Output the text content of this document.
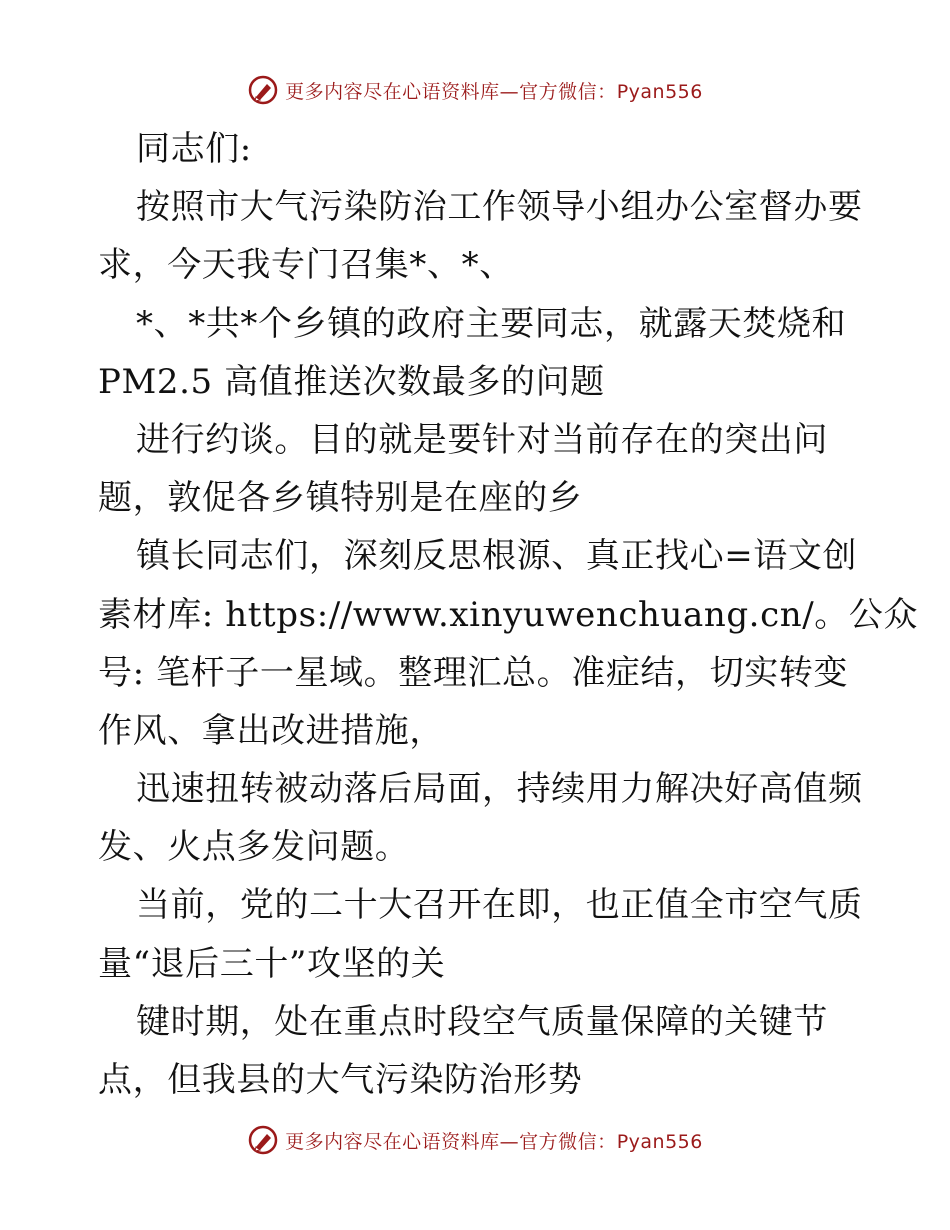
更多内容尽在心语资料库—官方微信：Pyan556
同志们:
按照市大气污染防治工作领导小组办公室督办要
求，今天我专门召集*、*、
*、*共*个乡镇的政府主要同志，就露天焚烧和
PM2.5 高值推送次数最多的问题
进行约谈。目的就是要针对当前存在的突出问
题，敦促各乡镇特别是在座的乡
镇长同志们，深刻反思根源、真正找心=语文创
素材库: https://www.xinyuwenchuang.cn/。公众
号: 笔杆子一星域。整理汇总。准症结，切实转变
作风、拿出改进措施，
迅速扭转被动落后局面，持续用力解决好高值频
发、火点多发问题。
当前，党的二十大召开在即，也正值全市空气质
量“退后三十”攻坚的关
键时期，处在重点时段空气质量保障的关键节
点，但我县的大气污染防治形势
更多内容尽在心语资料库—官方微信：Pyan556
